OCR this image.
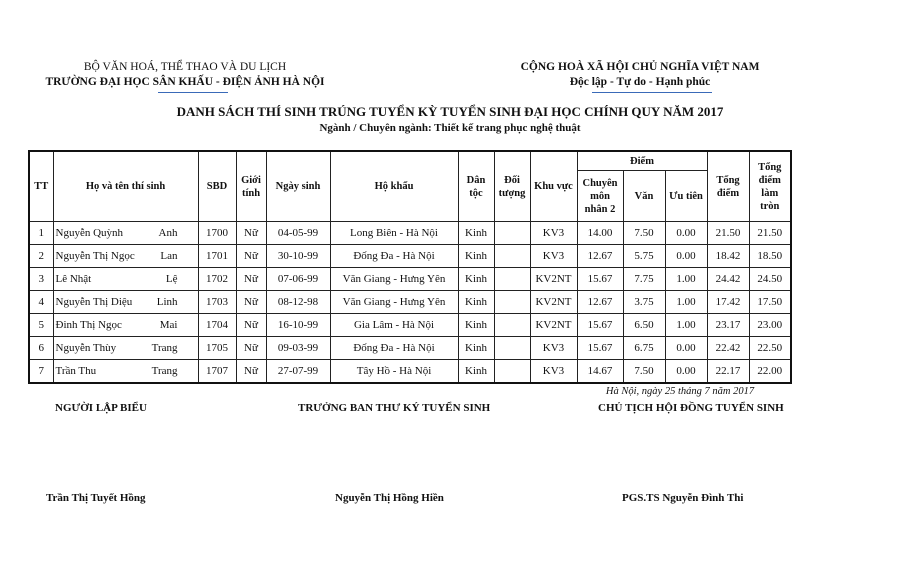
BỘ VĂN HOÁ, THỂ THAO VÀ DU LỊCH
TRƯỜNG ĐẠI HỌC SÂN KHẤU - ĐIỆN ẢNH HÀ NỘI
CỘNG HOÀ XÃ HỘI CHỦ NGHĨA VIỆT NAM
Độc lập - Tự do - Hạnh phúc
DANH SÁCH THÍ SINH TRÚNG TUYỂN KỲ TUYỂN SINH ĐẠI HỌC CHÍNH QUY NĂM 2017
Ngành / Chuyên ngành: Thiết kế trang phục nghệ thuật
TT	Họ và tên thí sinh	SBD	Giới tính	Ngày sinh	Hộ khẩu	Dân tộc	Đối tượng	Khu vực	Điểm			Tổng điểm	Tổng điểm làm tròn
									Chuyên môn nhân 2	Văn	Ưu tiên		
1	Nguyễn Quỳnh Anh	1700	Nữ	04-05-99	Long Biên - Hà Nội	Kinh		KV3	14.00	7.50	0.00	21.50	21.50
2	Nguyễn Thị Ngọc Lan	1701	Nữ	30-10-99	Đống Đa - Hà Nội	Kinh		KV3	12.67	5.75	0.00	18.42	18.50
3	Lê Nhật Lệ	1702	Nữ	07-06-99	Văn Giang - Hưng Yên	Kinh		KV2NT	15.67	7.75	1.00	24.42	24.50
4	Nguyễn Thị Diệu Linh	1703	Nữ	08-12-98	Văn Giang - Hưng Yên	Kinh		KV2NT	12.67	3.75	1.00	17.42	17.50
5	Đinh Thị Ngọc Mai	1704	Nữ	16-10-99	Gia Lâm - Hà Nội	Kinh		KV2NT	15.67	6.50	1.00	23.17	23.00
6	Nguyễn Thùy Trang	1705	Nữ	09-03-99	Đống Đa - Hà Nội	Kinh		KV3	15.67	6.75	0.00	22.42	22.50
7	Trần Thu Trang	1707	Nữ	27-07-99	Tây Hồ - Hà Nội	Kinh		KV3	14.67	7.50	0.00	22.17	22.00
Hà Nội, ngày 25 tháng 7 năm 2017
NGƯỜI LẬP BIỂU	TRƯỞNG BAN THƯ KÝ TUYỂN SINH	CHỦ TỊCH HỘI ĐỒNG TUYỂN SINH
Trần Thị Tuyết Hồng	Nguyễn Thị Hồng Hiền	PGS.TS Nguyễn Đình Thi
